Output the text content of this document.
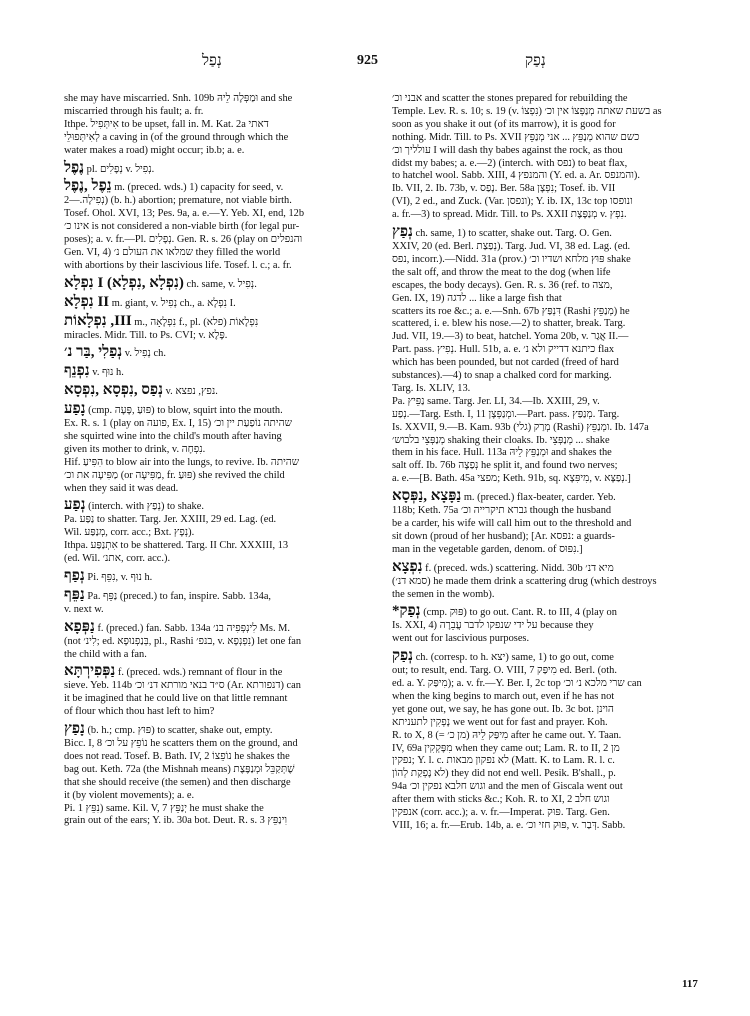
נְפַל	925	נְפַק

she may have miscarried. Snh. 109b וּמַפְּלָה לֵיהּ and she

miscarried through his fault; a. fr.

Ithpe. אִיתְּפִיל to be upset, fall in. M. Kat. 2a דאתי

לְאִיתְּפוּלֵי a caving in (of the ground through which the

water makes a road) might occur; ib.b; a. e.

נֶפֶל pl. נְפָלִים v. נְפִיל.

נֵפֶל ,נֶפֶל m. (preced. wds.) 1) capacity for seed, v.

נְפִילָה.—2) (b. h.) abortion; premature, not viable birth.

Tosef. Ohol. XVI, 13; Pes. 9a, a. e.—Y. Yeb. XI, end, 12b

אינו כ׳ is not considered a non-viable birth (for legal pur-

poses); a. v. fr.—Pl. נְפָלִים. Gen. R. s. 26 (play on והנפלים

Gen. VI, 4) שמלאו את העולם נ׳ they filled the world

with abortions by their lascivious life. Tosef. l. c.; a. fr.

נִפְלָא I (נִפְלָא ,נִפְלָא) ch. same, v. נְפִיל.

נִפְלָא II m. giant, v. נְפִיל ch., a. נִפְלָא I.

נִפְלָאוֹת ,III m., נִפְלָאָה f., pl. נִפְלָאוֹת (פלא)

miracles. Midr. Till. to Ps. CVI; v. פֶּלֶא.

נְפַלִי ,בַּר נ׳ v. נְפִיל ch.

נִפְנֵף v. נוּף h.

נְפַס ,נִפְסָא ,נִפְסָא v. נפץ, נפצא.

נָפַע (cmp. פּוּעַ ,פָּעָה) to blow, squirt into the mouth.

Ex. R. s. 1 (play on פועה, Ex. I, 15) שהיתה נוֹפַעַת יין וכ׳

she squirted wine into the child's mouth after having

given its mother to drink, v. נִפְחָה.

Hif. הִפִּיעַ to blow air into the lungs, to revive. Ib. שהיתה

מַפִּיעָה את וכ׳ (or מַפִּיעָה, fr. פּוּעַ) she revived the child

when they said it was dead.

נְפַע (interch. with נְפַץ) to shake.

Pa. נַפַּע to shatter. Targ. Jer. XXIII, 29 ed. Lag. (ed.

Wil. מְנַפַּע, corr. acc.; Bxt. נְפָץ).

Ithpa. אִתְנַפַּע to be shattered. Targ. II Chr. XXXIII, 13

(ed. Wil. אתנ׳, corr. acc.).

נְפַף Pi. נִפֵּף, v. נוּף h.

נַפֵּף Pa. נַפֵּף (preced.) to fan, inspire. Sabb. 134a,

v. next w.

נַפְּפָא f. (preced.) fan. Sabb. 134a לִינְפְּפִיה בנ׳ Ms. M.

(not לִינ׳; ed. בְּנַפְנוּפָא, pl., Rashi בנפ׳, v. נִפְנְפָא) let one fan

the child with a fan.

נַפְּפִירְתָּא f. (preced. wds.) remnant of flour in the

sieve. Yeb. 114b ס״ד בנאי מורתא דנ׳ וכ׳ (Ar. דנפורתא) can

it be imagined that he could live on that little remnant

of flour which thou hast left to him?

נָפַץ (b. h.; cmp. פּוּץ) to scatter, shake out, empty.

Bicc. I, 8 נוֹפֵץ על וכ׳ he scatters them on the ground, and

does not read. Tosef. B. Bath. IV, 2 נוֹפֵצוֹ he shakes the

bag out. Keth. 72a (the Mishnah means) שֶׁתְּקַבֵּל וּמְנַפֶּצֶת

that she should receive (the semen) and then discharge

it (by violent movements); a. e.

Pi. נִפֵּץ 1) same. Kil. V, 7 יְנַפֵּץ he must shake the

grain out of the ears; Y. ib. 30a bot. Deut. R. s. 3 וִינַפֵּץ

אבני וכ׳ and scatter the stones prepared for rebuilding the

Temple. Lev. R. s. 10; s. 19 (v. נִפְצוֹ) בשעת שאתה מְנַפְּצוֹ אין וכ׳ as

soon as you shake it out (of its marrow), it is good for

nothing. Midr. Till. to Ps. XVII כשם שהוא מְנַפֵּץ ... אני מְנַפֵּץ

עולליך וכ׳ I will dash thy babes against the rock, as thou

didst my babes; a. e.—2) (interch. with נפס) to beat flax,

to hatchel wool. Sabb. XIII, 4 והמנפץ (Y. ed. a. Ar. והמנפס).

Ib. VII, 2. Ib. 73b, v. נָפַס. Ber. 58a נִפְצָן; Tosef. ib. VII

(VI), 2 ed., and Zuck. (Var. ונפסן); Y. ib. IX, 13c top ונופסו

a. fr.—3) to spread. Midr. Till. to Ps. XXII מְנַפֶּצֶת v. נִפְץ.

נְפַץ ch. same, 1) to scatter, shake out. Targ. O. Gen.

XXIV, 20 (ed. Berl. נְפַצַת). Targ. Jud. VI, 38 ed. Lag. (ed.

נפס, incorr.).—Nidd. 31a (prov.) פּוּץ מלחא ושדיו וכ׳ shake

the salt off, and throw the meat to the dog (when life

escapes, the body decays). Gen. R. s. 36 (ref. to מצה,

Gen. IX, 19) לדגה ... like a large fish that

scatters its roe &c.; a. e.—Snh. 67b דִּנְפַּץ (Rashi מְנַפֵּץ) he

scattered, i. e. blew his nose.—2) to shatter, break. Targ.

Jud. VII, 19.—3) to beat, hatchel. Yoma 20b, v. אֲגַר II.—

Part. pass. נְפִיץ. Hull. 51b, a. e. כיתנא דדייק ולא נ׳ flax

which has been pounded, but not carded (freed of hard

substances).—4) to snap a chalked cord for marking.

Targ. Is. XLIV, 13.

Pa. נַפֵּיץ same. Targ. Jer. LI, 34.—Ib. XXIII, 29, v.

נְפַע.—Targ. Esth. I, 11 ומְנַפְּצָן.—Part. pass. מְנַפַּץ. Targ.

Is. XXVII, 9.—B. Kam. 93b מְרַק (גלי) (Rashi) ומְנַפֵּץ. Ib. 147a

מְנַפְּצֵי בלבוש׳ shaking their cloaks. Ib. מְנַפְּצֵי ... shake

them in his face. Hull. 113a וּמְנַפֵּץ לֵיהּ and shakes the

salt off. Ib. 76b נְפַצָה he split it, and found two nerves;

a. e.—[B. Bath. 45a מפצי; Keth. 91b, sq. מִיפִּצָא, v. נְפַצָּא.]

נַפָּצָא ,נַפְּסָא m. (preced.) flax-beater, carder. Yeb.

118b; Keth. 75a גברא תיקרייה וכ׳ though the husband

be a carder, his wife will call him out to the threshold and

sit down (proud of her husband); [Ar. נפסא: a guards-

man in the vegetable garden, denom. of נִפּוּס.]

נִפְצָא f. (preced. wds.) scattering. Nidd. 30b מיא דנ׳

(סמא דנ׳) he made them drink a scattering drug (which destroys

the semen in the womb).

*נְפַק (cmp. פּוּק) to go out. Cant. R. to III, 4 (play on

Is. XXI, 4) על ידי שנפקו לדבר עֲבֵרָה because they

went out for lascivious purposes.

נְפַק ch. (corresp. to h. יצא) same, 1) to go out, come

out; to result, end. Targ. O. VIII, 7 מִיפַּק ed. Berl. (oth.

ed. a. Y. מִיפַּק); a. v. fr.—Y. Ber. I, 2c top שרי מלכא נ׳ וכ׳ can

when the king begins to march out, even if he has not

yet gone out, we say, he has gone out. Ib. 3c bot. הוינן

נָפְקִין לתעניתא we went out for fast and prayer. Koh.

R. to X, 8 מִיפַּק לֵיהּ (מן כ׳ =) after he came out. Y. Taan.

IV, 69a מִפָּקְקִין when they came out; Lam. R. to II, 2 מן

נפקין; Y. l. c. לא נפקון מבאות (Matt. K. to Lam. R. l. c.

לא נָפְקַת לְהוֹן) they did not end well. Pesik. B'shall., p.

94a וגוש חלבא נפקין וכ׳ and the men of Giscala went out

after them with sticks &c.; Koh. R. to XI, 2 וגוש חלב

אנפקין (corr. acc.); a. v. fr.—Imperat. פּוּק. Targ. Gen.

VIII, 16; a. fr.—Erub. 14b, a. e. פּוּק חזי וכ׳, v. דְּבַר. Sabb.

117
